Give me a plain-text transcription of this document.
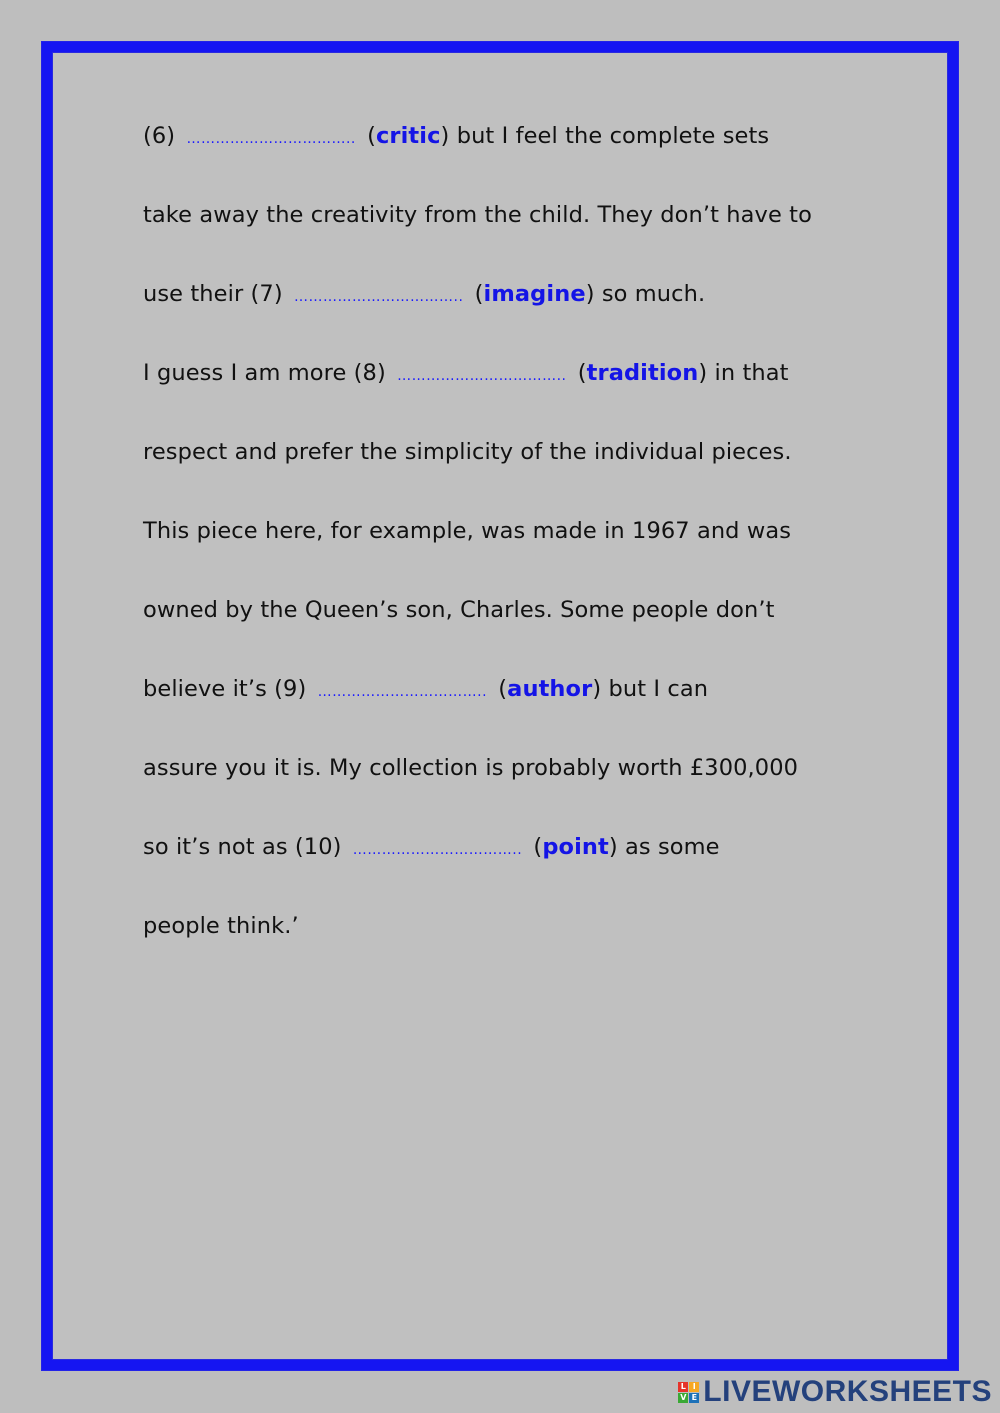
(6) …………………………….. (critic) but I feel the complete sets
take away the creativity from the child. They don’t have to
use their (7) …………………………….. (imagine) so much.
I guess I am more (8) …………………………….. (tradition) in that
respect and prefer the simplicity of the individual pieces.
This piece here, for example, was made in 1967 and was
owned by the Queen’s son, Charles. Some people don’t
believe it’s (9) …………………………….. (author) but I can
assure you it is. My collection is probably worth £300,000
so it’s not as (10) …………………………….. (point) as some
people think.’
L I
V E LIVEWORKSHEETS
